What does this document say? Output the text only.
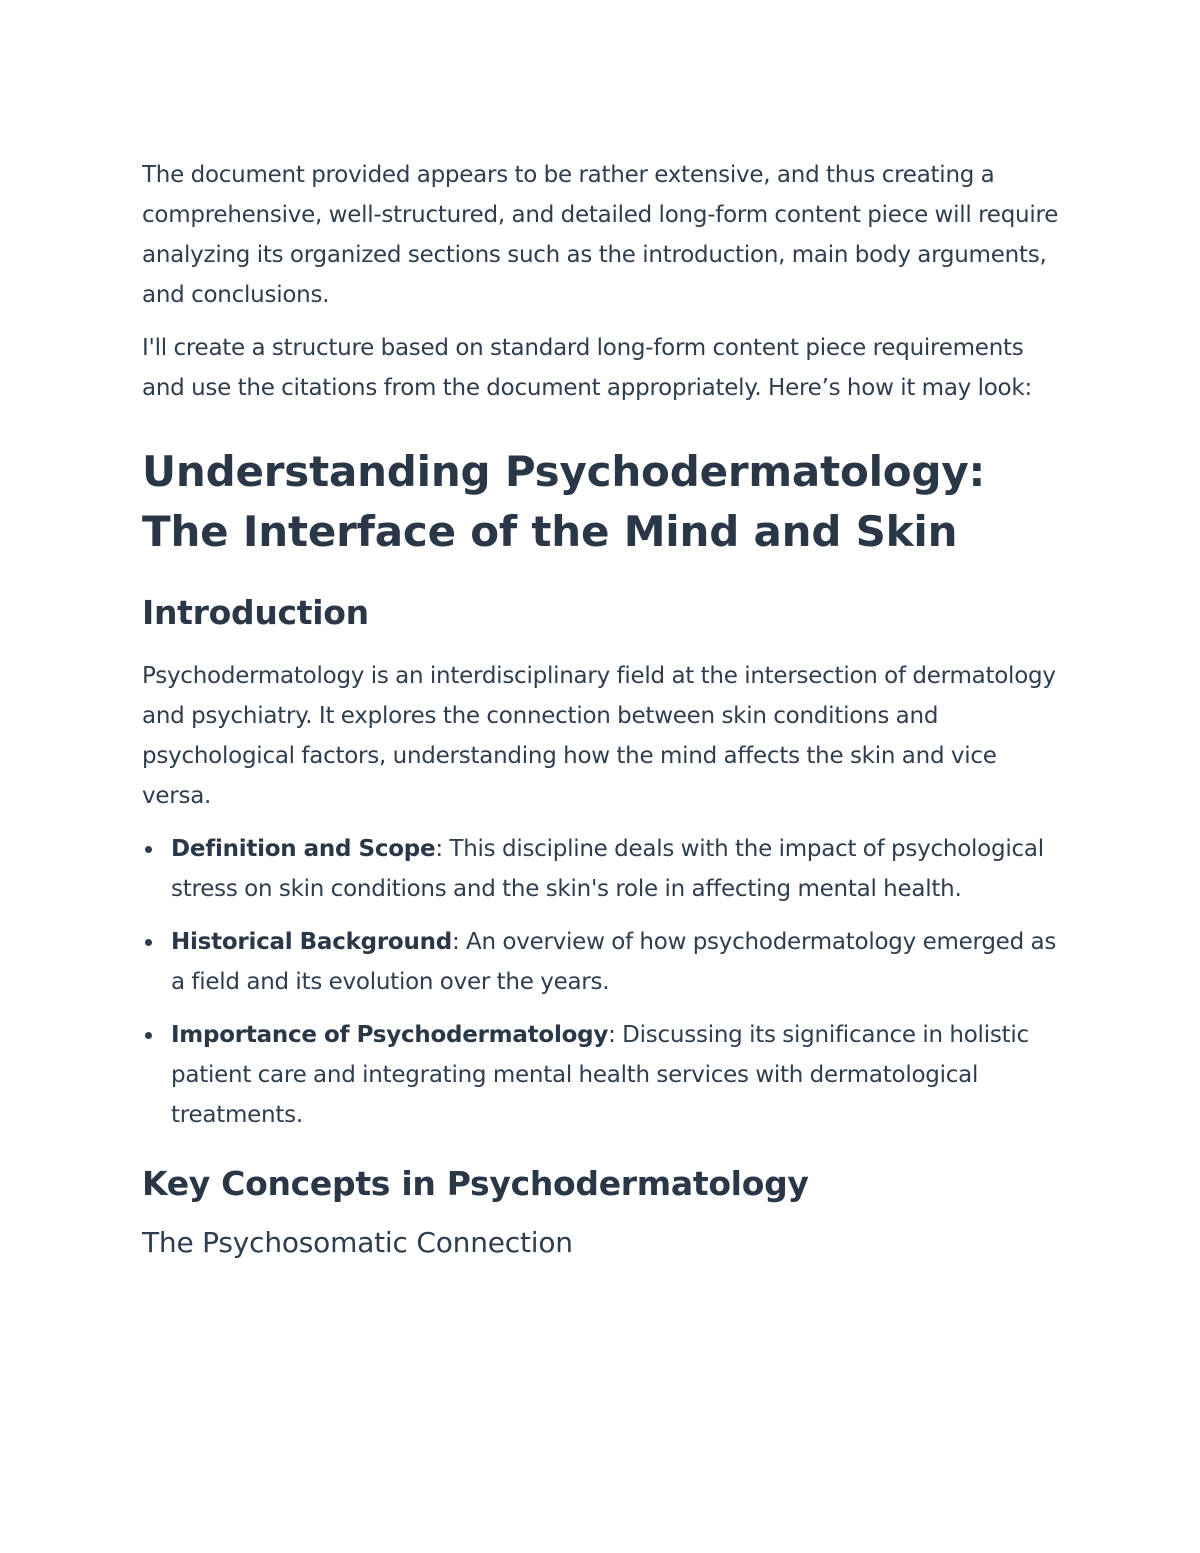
The document provided appears to be rather extensive, and thus creating a comprehensive, well-structured, and detailed long-form content piece will require analyzing its organized sections such as the introduction, main body arguments, and conclusions.

I'll create a structure based on standard long-form content piece requirements and use the citations from the document appropriately. Here’s how it may look:

Understanding Psychodermatology:
The Interface of the Mind and Skin
Introduction

Psychodermatology is an interdisciplinary field at the intersection of dermatology and psychiatry. It explores the connection between skin conditions and psychological factors, understanding how the mind affects the skin and vice versa.

Definition and Scope: This discipline deals with the impact of psychological stress on skin conditions and the skin's role in affecting mental health.
Historical Background: An overview of how psychodermatology emerged as a field and its evolution over the years.
Importance of Psychodermatology: Discussing its significance in holistic patient care and integrating mental health services with dermatological treatments.
Key Concepts in Psychodermatology
The Psychosomatic Connection
